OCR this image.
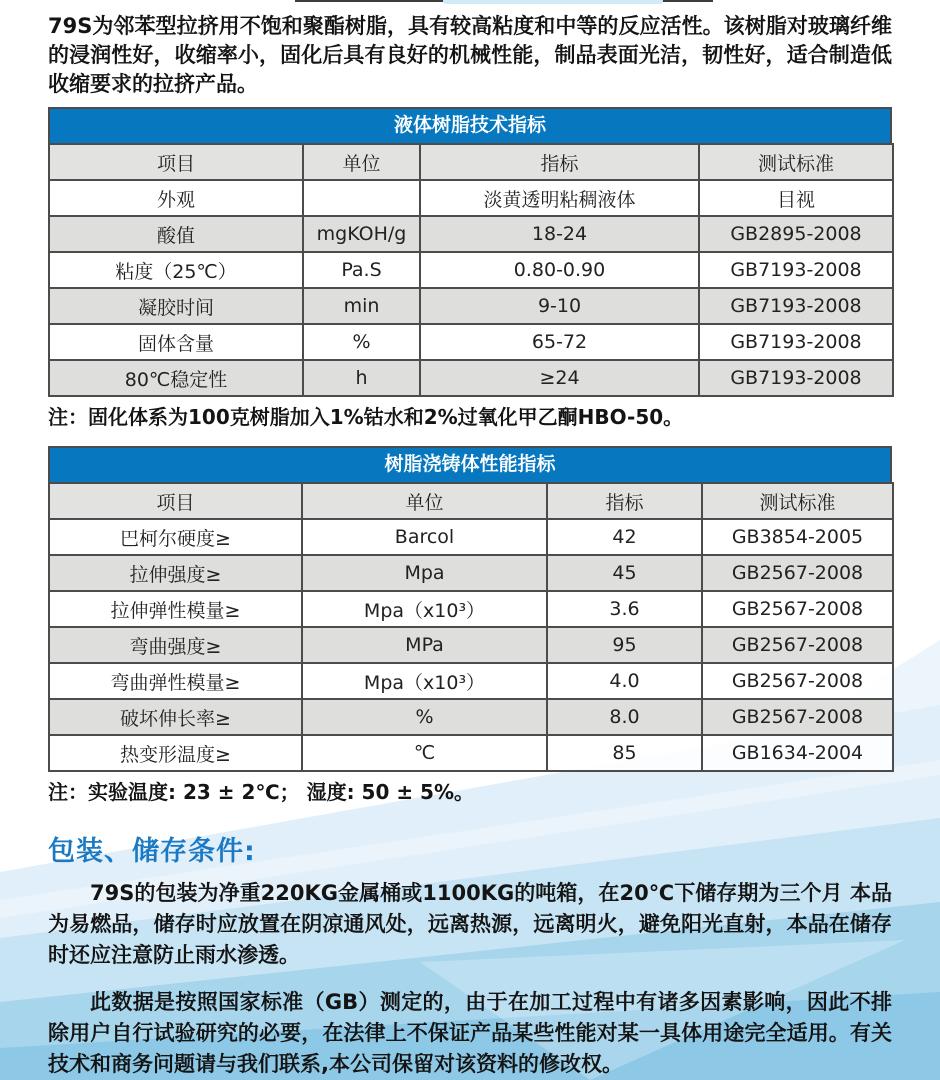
79S为邻苯型拉挤用不饱和聚酯树脂，具有较高粘度和中等的反应活性。该树脂对玻璃纤维的浸润性好，收缩率小，固化后具有良好的机械性能，制品表面光洁，韧性好，适合制造低收缩要求的拉挤产品。

液体树脂技术指标
项目	单位	指标	测试标准
外观		淡黄透明粘稠液体	目视
酸值	mgKOH/g	18-24	GB2895-2008
粘度（25℃）	Pa.S	0.80-0.90	GB7193-2008
凝胶时间	min	9-10	GB7193-2008
固体含量	%	65-72	GB7193-2008
80℃稳定性	h	≥24	GB7193-2008

注：固化体系为100克树脂加入1%钴水和2%过氧化甲乙酮HBO-50。

树脂浇铸体性能指标
项目	单位	指标	测试标准
巴柯尔硬度≥	Barcol	42	GB3854-2005
拉伸强度≥	Mpa	45	GB2567-2008
拉伸弹性模量≥	Mpa（x10³）	3.6	GB2567-2008
弯曲强度≥	MPa	95	GB2567-2008
弯曲弹性模量≥	Mpa（x10³）	4.0	GB2567-2008
破坏伸长率≥	%	8.0	GB2567-2008
热变形温度≥	℃	85	GB1634-2004

注：实验温度: 23 ± 2℃； 湿度: 50 ± 5%。

包装、储存条件:

79S的包装为净重220KG金属桶或1100KG的吨箱，在20℃下储存期为三个月 本品为易燃品，储存时应放置在阴凉通风处，远离热源，远离明火，避免阳光直射，本品在储存时还应注意防止雨水渗透。

此数据是按照国家标准（GB）测定的，由于在加工过程中有诸多因素影响，因此不排除用户自行试验研究的必要，在法律上不保证产品某些性能对某一具体用途完全适用。有关技术和商务问题请与我们联系,本公司保留对该资料的修改权。
